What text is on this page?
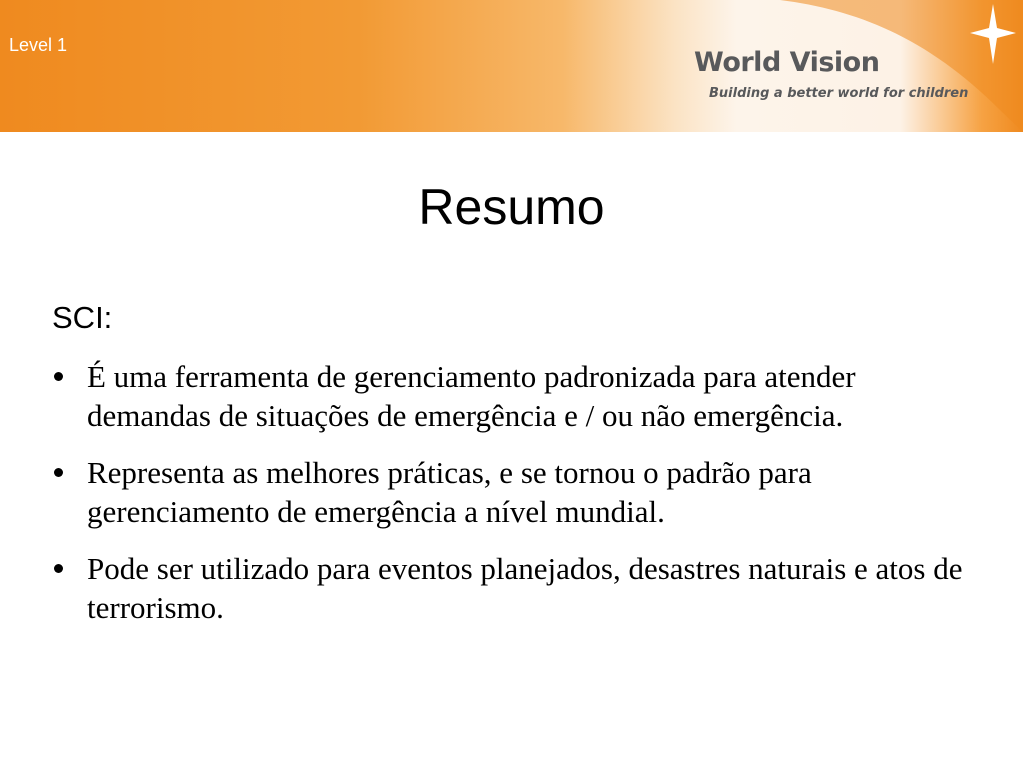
Level 1
World Vision
Building a better world for children
Resumo
SCI:
É uma ferramenta de gerenciamento padronizada para atender demandas de situações de emergência e / ou não emergência.
Representa as melhores práticas, e se tornou o padrão para gerenciamento de emergência a nível mundial.
Pode ser utilizado para eventos planejados, desastres naturais e atos de terrorismo.
